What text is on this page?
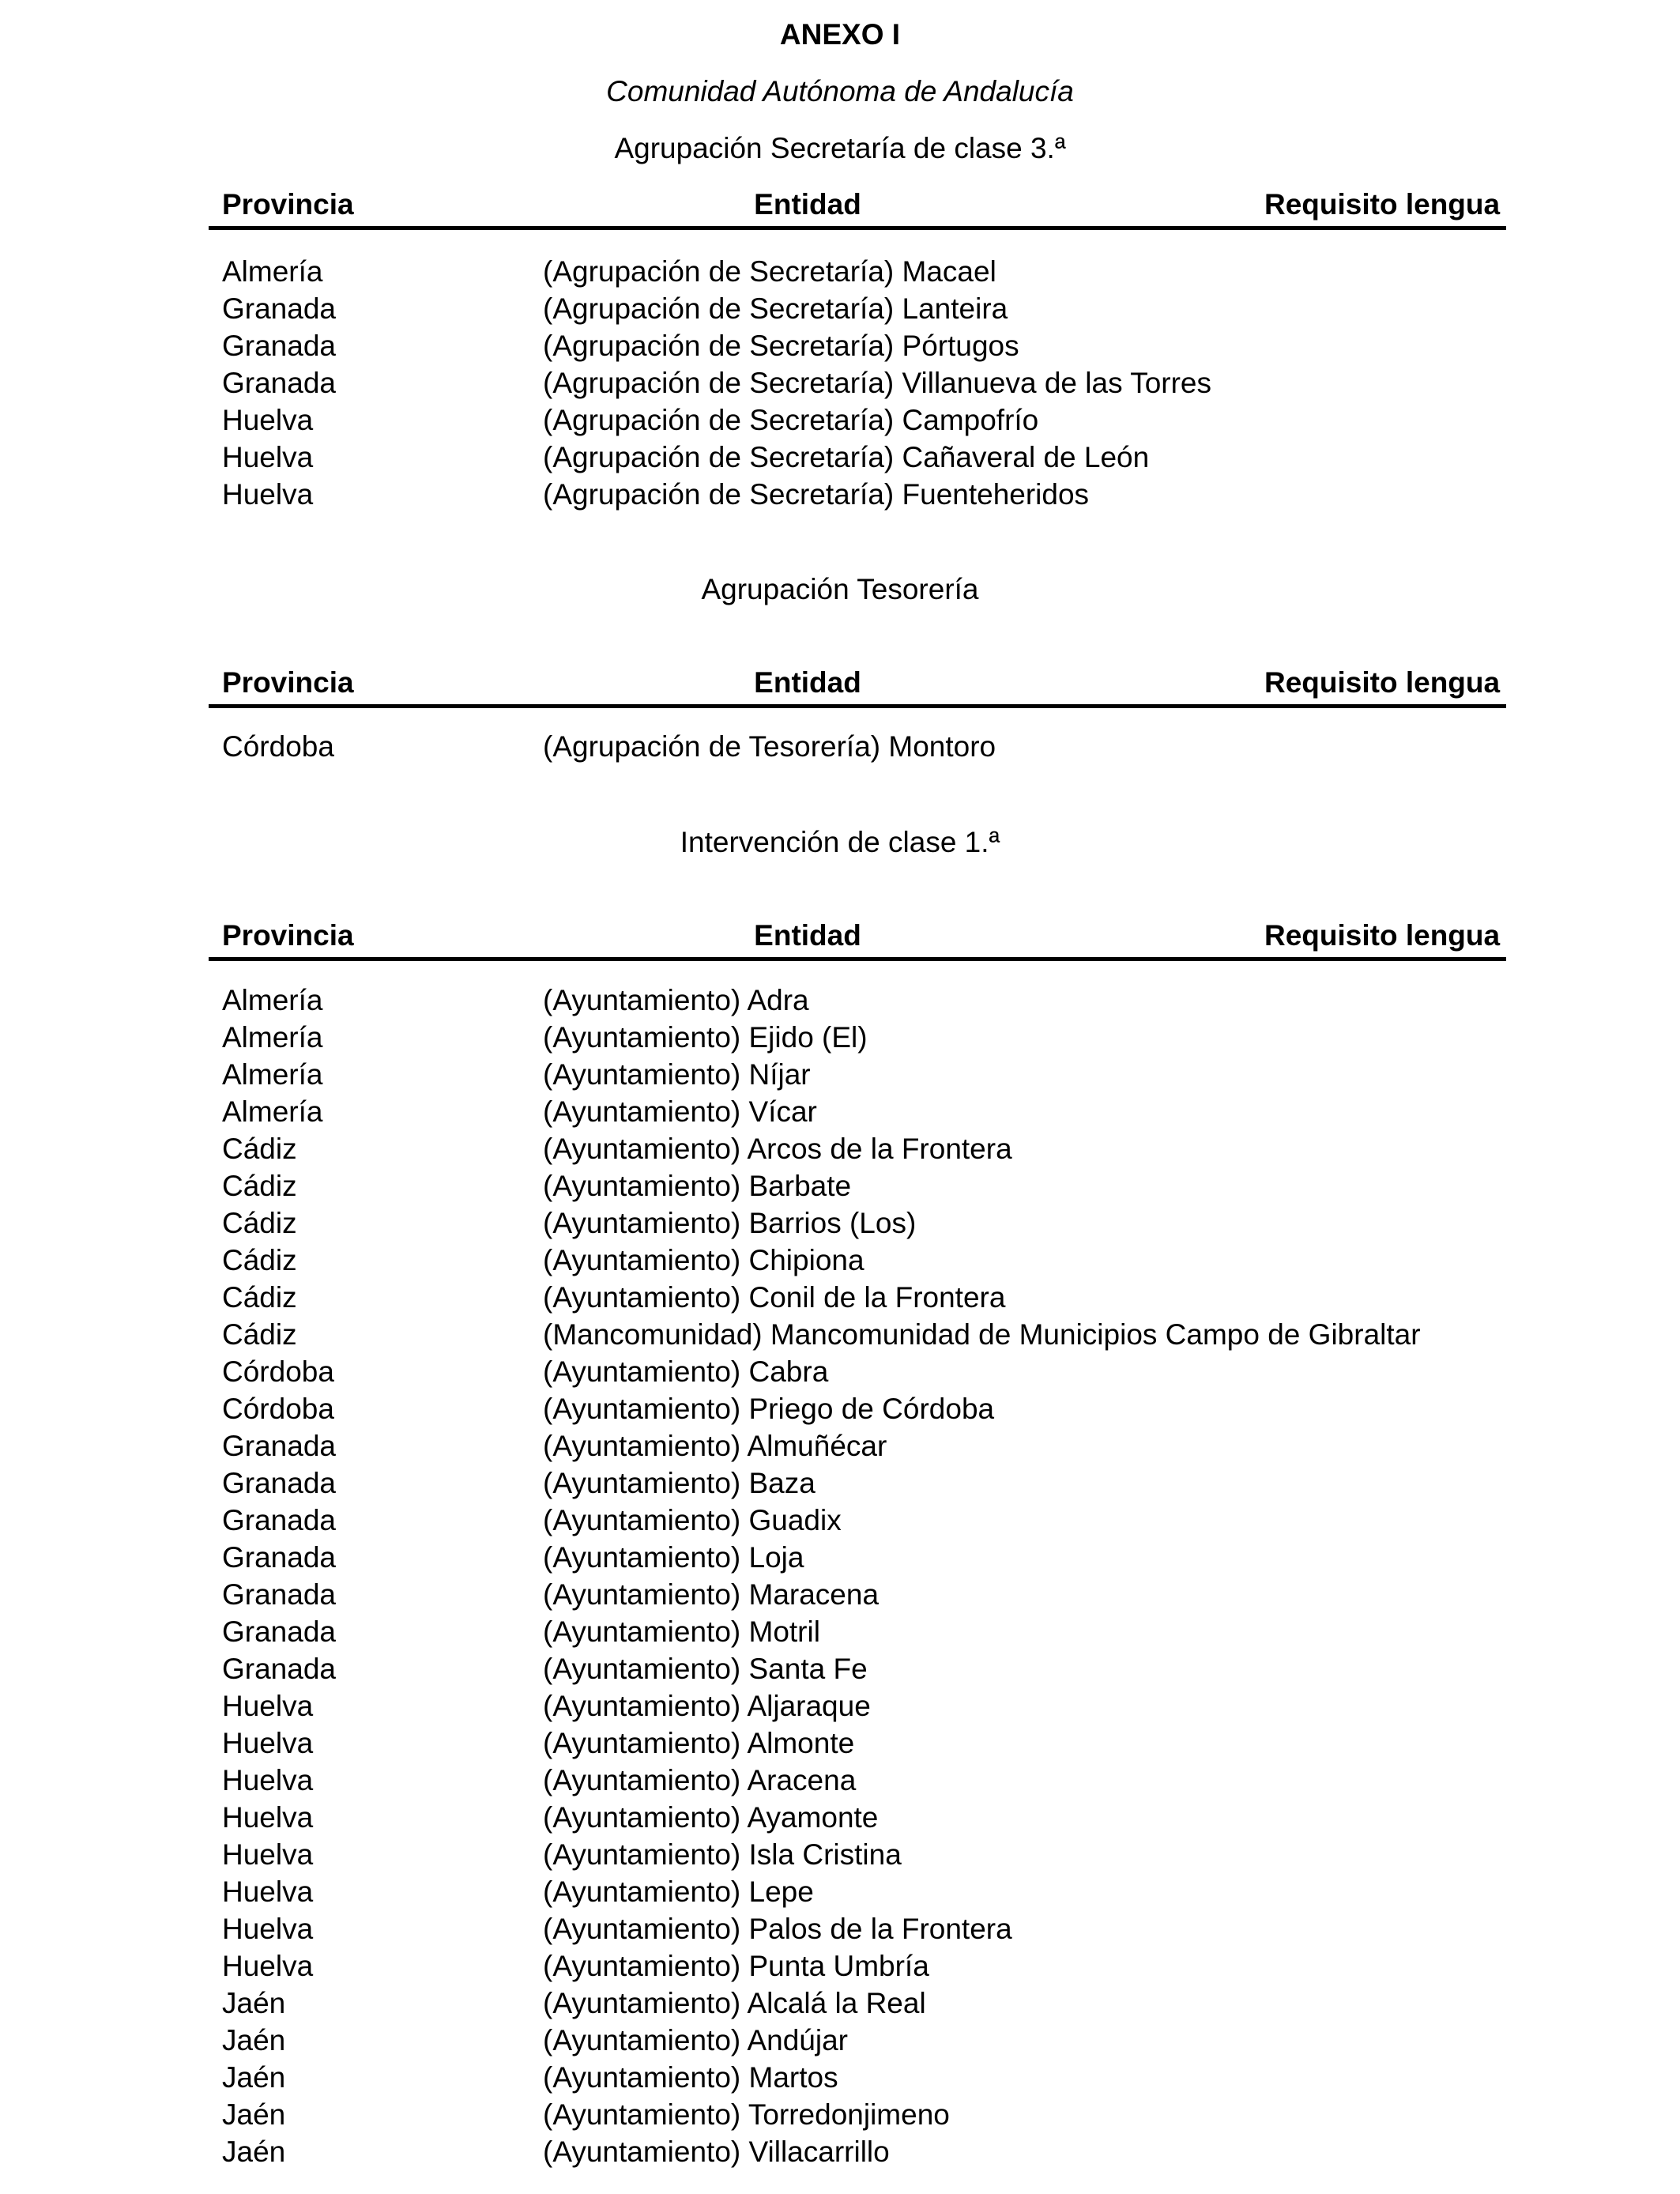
ANEXO I
Comunidad Autónoma de Andalucía
Agrupación Secretaría de clase 3.ª
Provincia	Entidad	Requisito lengua
Almería	(Agrupación de Secretaría) Macael
Granada	(Agrupación de Secretaría) Lanteira
Granada	(Agrupación de Secretaría) Pórtugos
Granada	(Agrupación de Secretaría) Villanueva de las Torres
Huelva	(Agrupación de Secretaría) Campofrío
Huelva	(Agrupación de Secretaría) Cañaveral de León
Huelva	(Agrupación de Secretaría) Fuenteheridos
Agrupación Tesorería
Provincia	Entidad	Requisito lengua
Córdoba	(Agrupación de Tesorería) Montoro
Intervención de clase 1.ª
Provincia	Entidad	Requisito lengua
Almería	(Ayuntamiento) Adra
Almería	(Ayuntamiento) Ejido (El)
Almería	(Ayuntamiento) Níjar
Almería	(Ayuntamiento) Vícar
Cádiz	(Ayuntamiento) Arcos de la Frontera
Cádiz	(Ayuntamiento) Barbate
Cádiz	(Ayuntamiento) Barrios (Los)
Cádiz	(Ayuntamiento) Chipiona
Cádiz	(Ayuntamiento) Conil de la Frontera
Cádiz	(Mancomunidad) Mancomunidad de Municipios Campo de Gibraltar
Córdoba	(Ayuntamiento) Cabra
Córdoba	(Ayuntamiento) Priego de Córdoba
Granada	(Ayuntamiento) Almuñécar
Granada	(Ayuntamiento) Baza
Granada	(Ayuntamiento) Guadix
Granada	(Ayuntamiento) Loja
Granada	(Ayuntamiento) Maracena
Granada	(Ayuntamiento) Motril
Granada	(Ayuntamiento) Santa Fe
Huelva	(Ayuntamiento) Aljaraque
Huelva	(Ayuntamiento) Almonte
Huelva	(Ayuntamiento) Aracena
Huelva	(Ayuntamiento) Ayamonte
Huelva	(Ayuntamiento) Isla Cristina
Huelva	(Ayuntamiento) Lepe
Huelva	(Ayuntamiento) Palos de la Frontera
Huelva	(Ayuntamiento) Punta Umbría
Jaén	(Ayuntamiento) Alcalá la Real
Jaén	(Ayuntamiento) Andújar
Jaén	(Ayuntamiento) Martos
Jaén	(Ayuntamiento) Torredonjimeno
Jaén	(Ayuntamiento) Villacarrillo
